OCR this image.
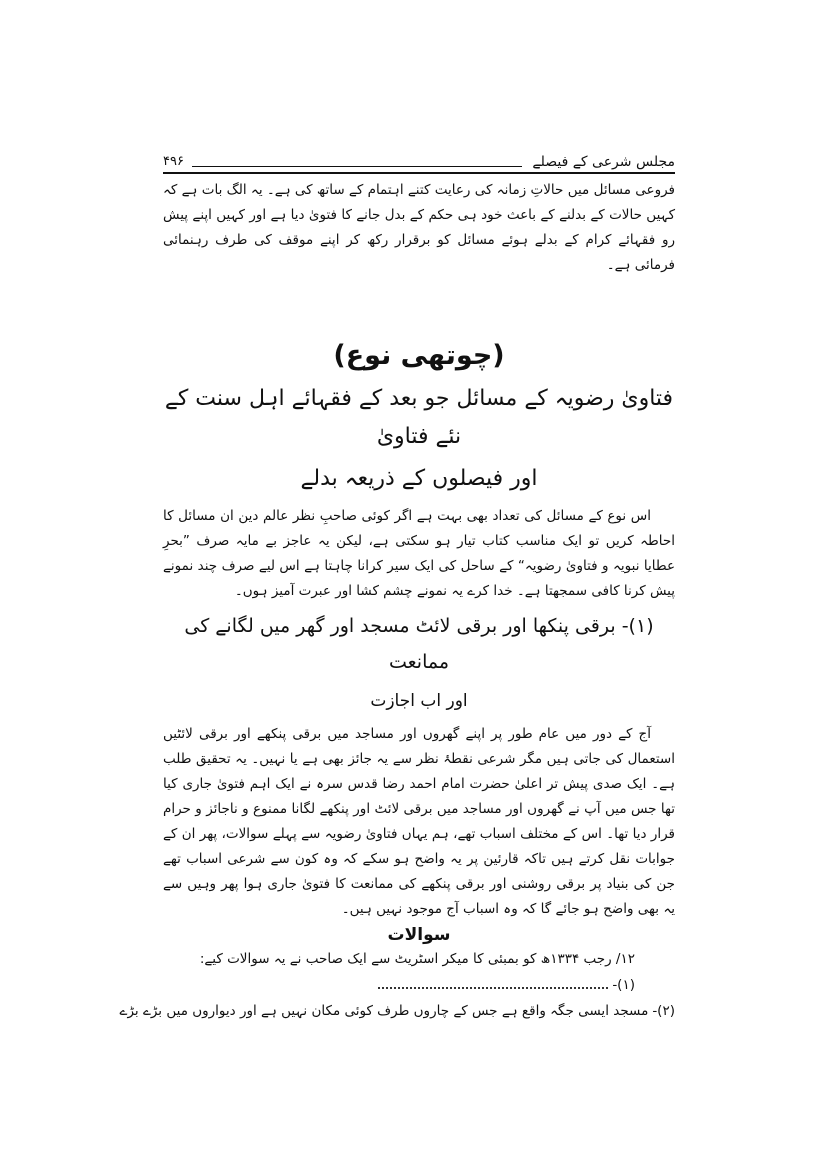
مجلس شرعی کے فیصلے
۴۹۶

فروعی مسائل میں حالاتِ زمانہ کی رعایت کتنے اہتمام کے ساتھ کی ہے۔ یہ الگ بات ہے کہ کہیں حالات کے بدلنے کے باعث خود ہی حکم کے بدل جانے کا فتویٰ دیا ہے اور کہیں اپنے پیش رو فقہائے کرام کے بدلے ہوئے مسائل کو برقرار رکھ کر اپنے موقف کی طرف رہنمائی فرمائی ہے۔

(چوتھی نوع)
فتاویٰ رضویہ کے مسائل جو بعد کے فقہائے اہل سنت کے نئے فتاویٰ
اور فیصلوں کے ذریعہ بدلے

اس نوع کے مسائل کی تعداد بھی بہت ہے اگر کوئی صاحبِ نظر عالم دین ان مسائل کا احاطہ کریں تو ایک مناسب کتاب تیار ہو سکتی ہے، لیکن یہ عاجز بے مایہ صرف ”بحرِ عطایا نبویہ و فتاویٰ رضویہ“ کے ساحل کی ایک سیر کرانا چاہتا ہے اس لیے صرف چند نمونے پیش کرنا کافی سمجھتا ہے۔ خدا کرے یہ نمونے چشم کشا اور عبرت آمیز ہوں۔

(۱)- برقی پنکھا اور برقی لائٹ مسجد اور گھر میں لگانے کی ممانعت
اور اب اجازت

آج کے دور میں عام طور پر اپنے گھروں اور مساجد میں برقی پنکھے اور برقی لائٹیں استعمال کی جاتی ہیں مگر شرعی نقطۂ نظر سے یہ جائز بھی ہے یا نہیں۔ یہ تحقیق طلب ہے۔ ایک صدی پیش تر اعلیٰ حضرت امام احمد رضا قدس سرہ نے ایک اہم فتویٰ جاری کیا تھا جس میں آپ نے گھروں اور مساجد میں برقی لائٹ اور پنکھے لگانا ممنوع و ناجائز و حرام قرار دیا تھا۔ اس کے مختلف اسباب تھے، ہم یہاں فتاویٰ رضویہ سے پہلے سوالات، پھر ان کے جوابات نقل کرتے ہیں تاکہ قارئین پر یہ واضح ہو سکے کہ وہ کون سے شرعی اسباب تھے جن کی بنیاد پر برقی روشنی اور برقی پنکھے کی ممانعت کا فتویٰ جاری ہوا پھر وہیں سے یہ بھی واضح ہو جائے گا کہ وہ اسباب آج موجود نہیں ہیں۔

سوالات
۱۲/ رجب ۱۳۳۴ھ کو بمبئی کا میکر اسٹریٹ سے ایک صاحب نے یہ سوالات کیے:
(۱)-
(۲)-
مسجد ایسی جگہ واقع ہے جس کے چاروں طرف کوئی مکان نہیں ہے اور دیواروں میں بڑے بڑے
